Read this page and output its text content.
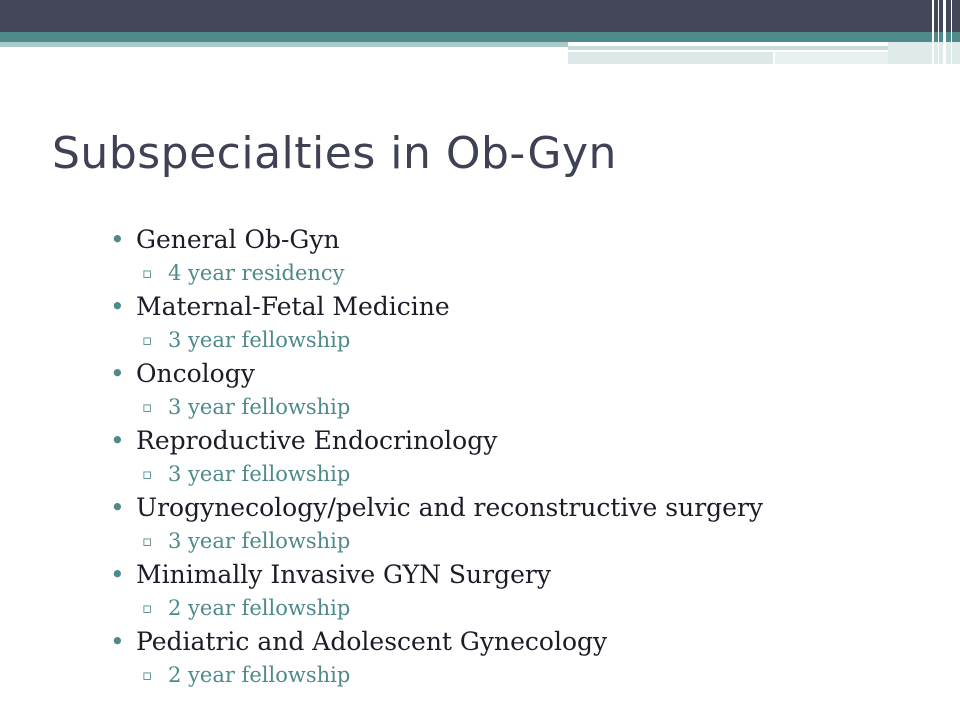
Subspecialties in Ob-Gyn
• General Ob-Gyn
▫ 4 year residency
• Maternal-Fetal Medicine
▫ 3 year fellowship
• Oncology
▫ 3 year fellowship
• Reproductive Endocrinology
▫ 3 year fellowship
• Urogynecology/pelvic and reconstructive surgery
▫ 3 year fellowship
• Minimally Invasive GYN Surgery
▫ 2 year fellowship
• Pediatric and Adolescent Gynecology
▫ 2 year fellowship
